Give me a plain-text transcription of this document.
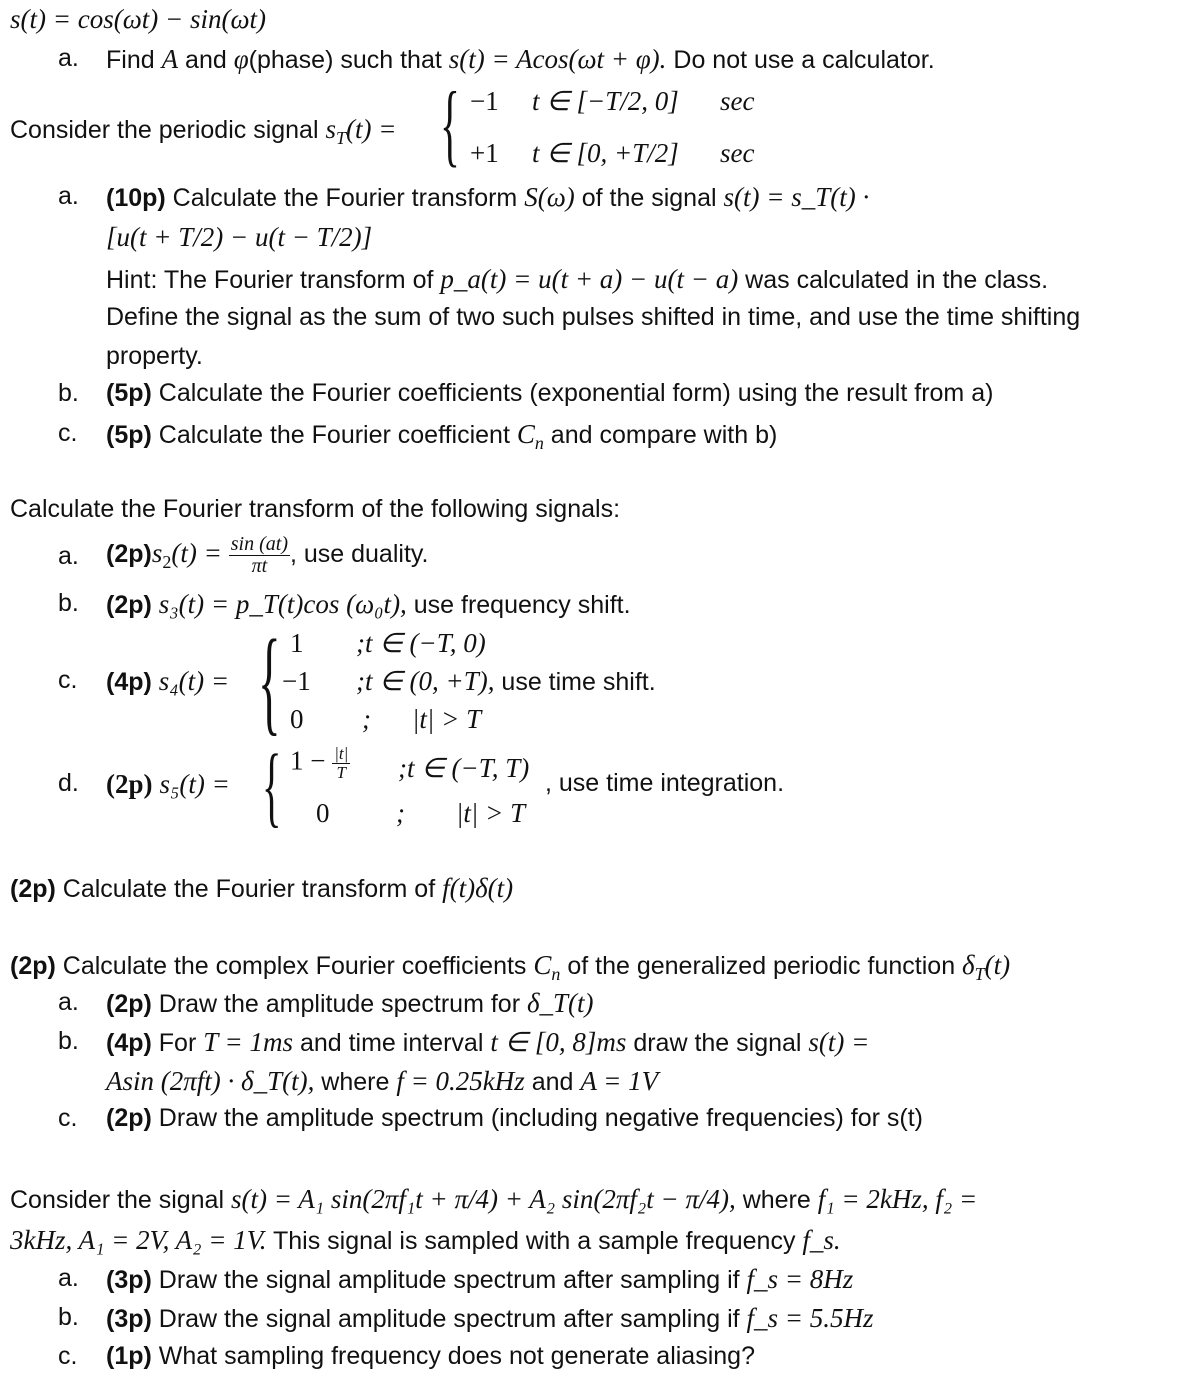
s(t) = cos(ωt) − sin(ωt)
a. Find A and φ(phase) such that s(t) = Acos(ωt + φ). Do not use a calculator.
Consider the periodic signal $s_T(t)$ = { −1 t ∈ [−T/2, 0] sec
+1 t ∈ [0, +T/2] sec
a. (10p) Calculate the Fourier transform S(ω) of the signal s(t) = s_T(t) ·
[u(t + T/2) − u(t − T/2)]
Hint: The Fourier transform of p_a(t) = u(t + a) − u(t − a) was calculated in the class.
Define the signal as the sum of two such pulses shifted in time, and use the time shifting
property.
b. (5p) Calculate the Fourier coefficients (exponential form) using the result from a)
c. (5p) Calculate the Fourier coefficient $C_n$ and compare with b)
Calculate the Fourier transform of the following signals:
a. $(2p)s_2(t) = \frac{\sin (at)}{\pi t}$ , use duality.
b. (2p) s₃(t) = p_T(t)cos (ω₀t), use frequency shift.
c. (4p) s₄(t) = { 1 ;t ∈ (−T, 0)
−1 ;t ∈ (0, +T), use time shift.
0 ; |t| > T
d. (2p) s₅(t) = { $1 - \frac{|t|}{T}$ ;t ∈ (−T, T)
0 ; |t| > T
, use time integration.
(2p) Calculate the Fourier transform of f(t)δ(t)
(2p) Calculate the complex Fourier coefficients $C_n$ of the generalized periodic function $\delta_T(t)$
a. (2p) Draw the amplitude spectrum for δ_T(t)
b. (4p) For T = 1ms and time interval t ∈ [0, 8]ms draw the signal s(t) =
Asin (2πft) · δ_T(t), where f = 0.25kHz and A = 1V
c. (2p) Draw the amplitude spectrum (including negative frequencies) for s(t)
Consider the signal s(t) = A₁ sin(2πf₁t + π/4) + A₂ sin(2πf₂t − π/4), where f₁ = 2kHz, f₂ =
3kHz, A₁ = 2V, A₂ = 1V. This signal is sampled with a sample frequency f_s.
a. (3p) Draw the signal amplitude spectrum after sampling if f_s = 8Hz
b. (3p) Draw the signal amplitude spectrum after sampling if f_s = 5.5Hz
c. (1p) What sampling frequency does not generate aliasing?
